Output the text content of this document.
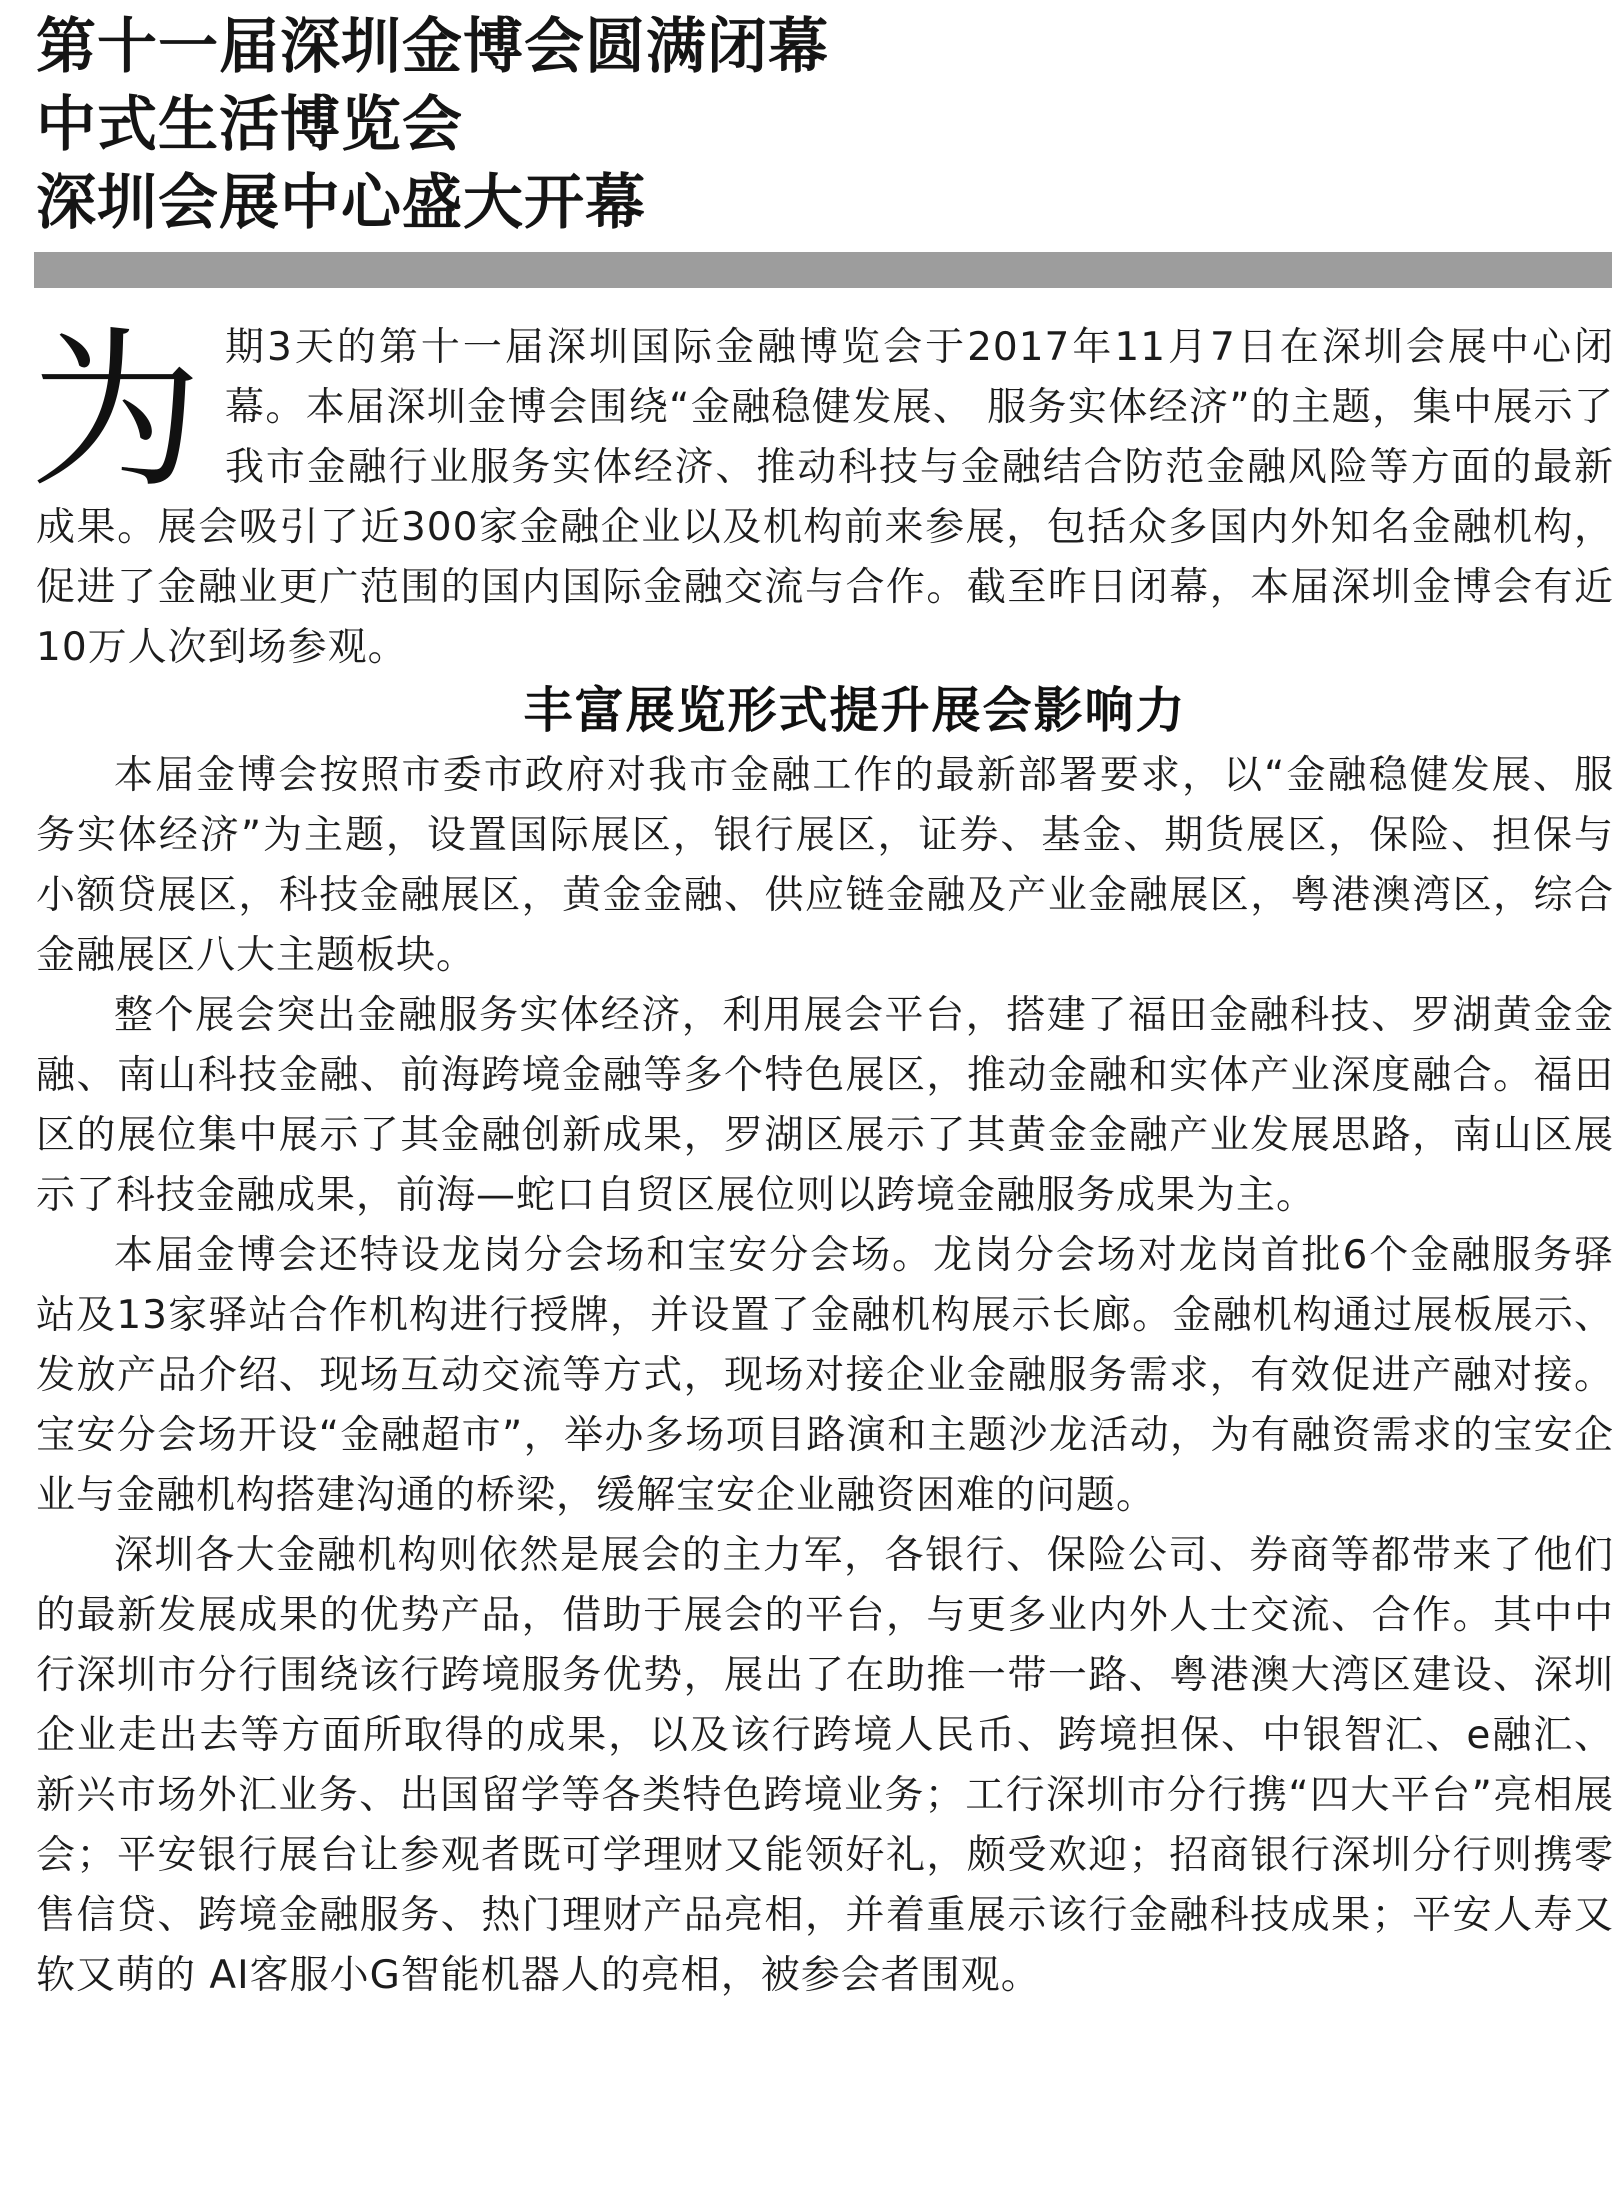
第十一届深圳金博会圆满闭幕
中式生活博览会
深圳会展中心盛大开幕

为 期3天的第十一届深圳国际金融博览会于2017年11月7日在深圳会展中心闭幕。本届深圳金博会围绕“金融稳健发展、 服务实体经济”的主题，集中展示了我市金融行业服务实体经济、推动科技与金融结合防范金融风险等方面的最新成果。展会吸引了近300家金融企业以及机构前来参展，包括众多国内外知名金融机构，促进了金融业更广范围的国内国际金融交流与合作。截至昨日闭幕，本届深圳金博会有近10万人次到场参观。

丰富展览形式提升展会影响力

本届金博会按照市委市政府对我市金融工作的最新部署要求，以“金融稳健发展、服务实体经济”为主题，设置国际展区，银行展区，证券、基金、期货展区，保险、担保与小额贷展区，科技金融展区，黄金金融、供应链金融及产业金融展区，粤港澳湾区，综合金融展区八大主题板块。

整个展会突出金融服务实体经济，利用展会平台，搭建了福田金融科技、罗湖黄金金融、南山科技金融、前海跨境金融等多个特色展区，推动金融和实体产业深度融合。福田区的展位集中展示了其金融创新成果，罗湖区展示了其黄金金融产业发展思路，南山区展示了科技金融成果，前海—蛇口自贸区展位则以跨境金融服务成果为主。

本届金博会还特设龙岗分会场和宝安分会场。龙岗分会场对龙岗首批6个金融服务驿站及13家驿站合作机构进行授牌，并设置了金融机构展示长廊。金融机构通过展板展示、发放产品介绍、现场互动交流等方式，现场对接企业金融服务需求，有效促进产融对接。宝安分会场开设“金融超市”，举办多场项目路演和主题沙龙活动，为有融资需求的宝安企业与金融机构搭建沟通的桥梁，缓解宝安企业融资困难的问题。

深圳各大金融机构则依然是展会的主力军，各银行、保险公司、券商等都带来了他们的最新发展成果的优势产品，借助于展会的平台，与更多业内外人士交流、合作。其中中行深圳市分行围绕该行跨境服务优势，展出了在助推一带一路、粤港澳大湾区建设、深圳企业走出去等方面所取得的成果，以及该行跨境人民币、跨境担保、中银智汇、e融汇、新兴市场外汇业务、出国留学等各类特色跨境业务；工行深圳市分行携“四大平台”亮相展会；平安银行展台让参观者既可学理财又能领好礼，颇受欢迎；招商银行深圳分行则携零售信贷、跨境金融服务、热门理财产品亮相，并着重展示该行金融科技成果；平安人寿又软又萌的 AI客服小G智能机器人的亮相，被参会者围观。
